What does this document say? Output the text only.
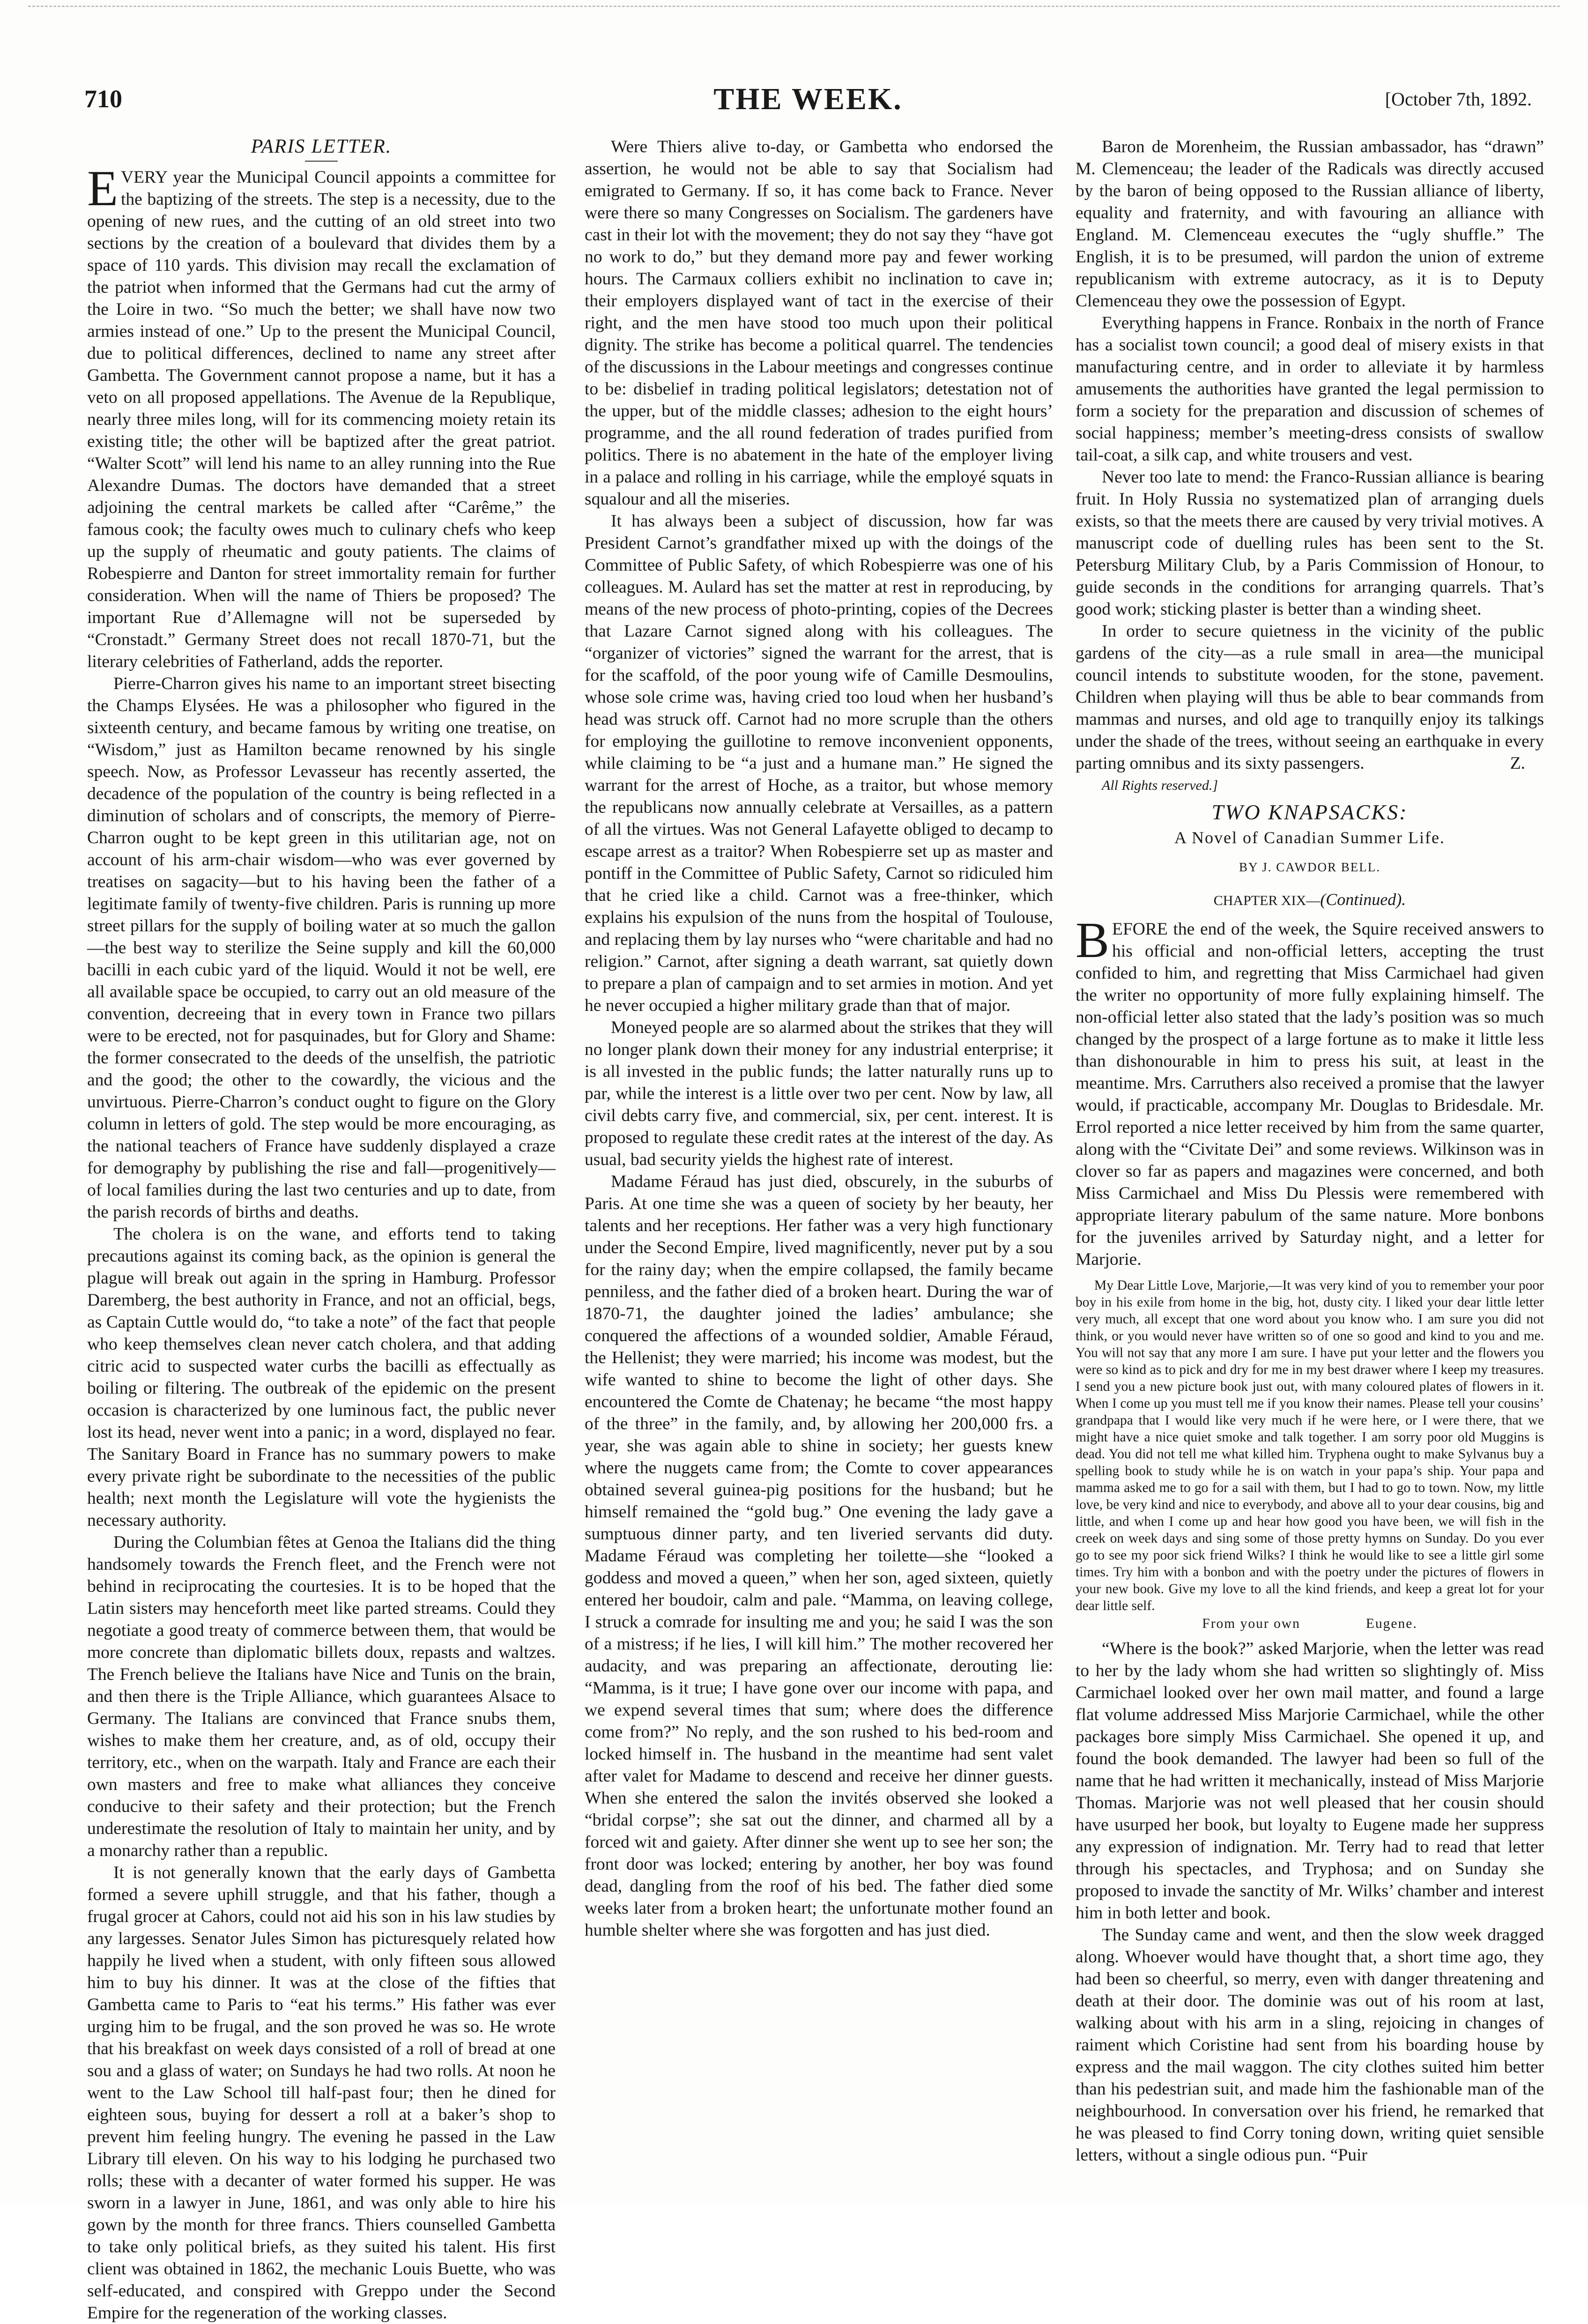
710	THE WEEK.	[October 7th, 1892.
PARIS LETTER.

EVERY year the Municipal Council appoints a committee for the baptizing of the streets. The step is a necessity, due to the opening of new rues, and the cutting of an old street into two sections by the creation of a boulevard that divides them by a space of 110 yards. This division may recall the exclamation of the patriot when informed that the Germans had cut the army of the Loire in two. “So much the better; we shall have now two armies instead of one.” Up to the present the Municipal Council, due to political differences, declined to name any street after Gambetta. The Government cannot propose a name, but it has a veto on all proposed appellations. The Avenue de la Republique, nearly three miles long, will for its commencing moiety retain its existing title; the other will be baptized after the great patriot. “Walter Scott” will lend his name to an alley running into the Rue Alexandre Dumas. The doctors have demanded that a street adjoining the central markets be called after “Carême,” the famous cook; the faculty owes much to culinary chefs who keep up the supply of rheumatic and gouty patients. The claims of Robespierre and Danton for street immortality remain for further consideration. When will the name of Thiers be proposed? The important Rue d’Allemagne will not be superseded by “Cronstadt.” Germany Street does not recall 1870-71, but the literary celebrities of Fatherland, adds the reporter.

Pierre-Charron gives his name to an important street bisecting the Champs Elysées. He was a philosopher who figured in the sixteenth century, and became famous by writing one treatise, on “Wisdom,” just as Hamilton became renowned by his single speech. Now, as Professor Levasseur has recently asserted, the decadence of the population of the country is being reflected in a diminution of scholars and of conscripts, the memory of Pierre-Charron ought to be kept green in this utilitarian age, not on account of his arm-chair wisdom—who was ever governed by treatises on sagacity—but to his having been the father of a legitimate family of twenty-five children. Paris is running up more street pillars for the supply of boiling water at so much the gallon—the best way to sterilize the Seine supply and kill the 60,000 bacilli in each cubic yard of the liquid. Would it not be well, ere all available space be occupied, to carry out an old measure of the convention, decreeing that in every town in France two pillars were to be erected, not for pasquinades, but for Glory and Shame: the former consecrated to the deeds of the unselfish, the patriotic and the good; the other to the cowardly, the vicious and the unvirtuous. Pierre-Charron’s conduct ought to figure on the Glory column in letters of gold. The step would be more encouraging, as the national teachers of France have suddenly displayed a craze for demography by publishing the rise and fall—progenitively—of local families during the last two centuries and up to date, from the parish records of births and deaths.

The cholera is on the wane, and efforts tend to taking precautions against its coming back, as the opinion is general the plague will break out again in the spring in Hamburg. Professor Daremberg, the best authority in France, and not an official, begs, as Captain Cuttle would do, “to take a note” of the fact that people who keep themselves clean never catch cholera, and that adding citric acid to suspected water curbs the bacilli as effectually as boiling or filtering. The outbreak of the epidemic on the present occasion is characterized by one luminous fact, the public never lost its head, never went into a panic; in a word, displayed no fear. The Sanitary Board in France has no summary powers to make every private right be subordinate to the necessities of the public health; next month the Legislature will vote the hygienists the necessary authority.

During the Columbian fêtes at Genoa the Italians did the thing handsomely towards the French fleet, and the French were not behind in reciprocating the courtesies. It is to be hoped that the Latin sisters may henceforth meet like parted streams. Could they negotiate a good treaty of commerce between them, that would be more concrete than diplomatic billets doux, repasts and waltzes. The French believe the Italians have Nice and Tunis on the brain, and then there is the Triple Alliance, which guarantees Alsace to Germany. The Italians are convinced that France snubs them, wishes to make them her creature, and, as of old, occupy their territory, etc., when on the warpath. Italy and France are each their own masters and free to make what alliances they conceive conducive to their safety and their protection; but the French underestimate the resolution of Italy to maintain her unity, and by a monarchy rather than a republic.

It is not generally known that the early days of Gambetta formed a severe uphill struggle, and that his father, though a frugal grocer at Cahors, could not aid his son in his law studies by any largesses. Senator Jules Simon has picturesquely related how happily he lived when a student, with only fifteen sous allowed him to buy his dinner. It was at the close of the fifties that Gambetta came to Paris to “eat his terms.” His father was ever urging him to be frugal, and the son proved he was so. He wrote that his breakfast on week days consisted of a roll of bread at one sou and a glass of water; on Sundays he had two rolls. At noon he went to the Law School till half-past four; then he dined for eighteen sous, buying for dessert a roll at a baker’s shop to prevent him feeling hungry. The evening he passed in the Law Library till eleven. On his way to his lodging he purchased two rolls; these with a decanter of water formed his supper. He was sworn in a lawyer in June, 1861, and was only able to hire his gown by the month for three francs. Thiers counselled Gambetta to take only political briefs, as they suited his talent. His first client was obtained in 1862, the mechanic Louis Buette, who was self-educated, and conspired with Greppo under the Second Empire for the regeneration of the working classes.

Were Thiers alive to-day, or Gambetta who endorsed the assertion, he would not be able to say that Socialism had emigrated to Germany. If so, it has come back to France. Never were there so many Congresses on Socialism. The gardeners have cast in their lot with the movement; they do not say they “have got no work to do,” but they demand more pay and fewer working hours. The Carmaux colliers exhibit no inclination to cave in; their employers displayed want of tact in the exercise of their right, and the men have stood too much upon their political dignity. The strike has become a political quarrel. The tendencies of the discussions in the Labour meetings and congresses continue to be: disbelief in trading political legislators; detestation not of the upper, but of the middle classes; adhesion to the eight hours’ programme, and the all round federation of trades purified from politics. There is no abatement in the hate of the employer living in a palace and rolling in his carriage, while the employé squats in squalour and all the miseries.

It has always been a subject of discussion, how far was President Carnot’s grandfather mixed up with the doings of the Committee of Public Safety, of which Robespierre was one of his colleagues. M. Aulard has set the matter at rest in reproducing, by means of the new process of photo-printing, copies of the Decrees that Lazare Carnot signed along with his colleagues. The “organizer of victories” signed the warrant for the arrest, that is for the scaffold, of the poor young wife of Camille Desmoulins, whose sole crime was, having cried too loud when her husband’s head was struck off. Carnot had no more scruple than the others for employing the guillotine to remove inconvenient opponents, while claiming to be “a just and a humane man.” He signed the warrant for the arrest of Hoche, as a traitor, but whose memory the republicans now annually celebrate at Versailles, as a pattern of all the virtues. Was not General Lafayette obliged to decamp to escape arrest as a traitor? When Robespierre set up as master and pontiff in the Committee of Public Safety, Carnot so ridiculed him that he cried like a child. Carnot was a free-thinker, which explains his expulsion of the nuns from the hospital of Toulouse, and replacing them by lay nurses who “were charitable and had no religion.” Carnot, after signing a death warrant, sat quietly down to prepare a plan of campaign and to set armies in motion. And yet he never occupied a higher military grade than that of major.

Moneyed people are so alarmed about the strikes that they will no longer plank down their money for any industrial enterprise; it is all invested in the public funds; the latter naturally runs up to par, while the interest is a little over two per cent. Now by law, all civil debts carry five, and commercial, six, per cent. interest. It is proposed to regulate these credit rates at the interest of the day. As usual, bad security yields the highest rate of interest.

Madame Féraud has just died, obscurely, in the suburbs of Paris. At one time she was a queen of society by her beauty, her talents and her receptions. Her father was a very high functionary under the Second Empire, lived magnificently, never put by a sou for the rainy day; when the empire collapsed, the family became penniless, and the father died of a broken heart. During the war of 1870-71, the daughter joined the ladies’ ambulance; she conquered the affections of a wounded soldier, Amable Féraud, the Hellenist; they were married; his income was modest, but the wife wanted to shine to become the light of other days. She encountered the Comte de Chatenay; he became “the most happy of the three” in the family, and, by allowing her 200,000 frs. a year, she was again able to shine in society; her guests knew where the nuggets came from; the Comte to cover appearances obtained several guinea-pig positions for the husband; but he himself remained the “gold bug.” One evening the lady gave a sumptuous dinner party, and ten liveried servants did duty. Madame Féraud was completing her toilette—she “looked a goddess and moved a queen,” when her son, aged sixteen, quietly entered her boudoir, calm and pale. “Mamma, on leaving college, I struck a comrade for insulting me and you; he said I was the son of a mistress; if he lies, I will kill him.” The mother recovered her audacity, and was preparing an affectionate, derouting lie: “Mamma, is it true; I have gone over our income with papa, and we expend several times that sum; where does the difference come from?” No reply, and the son rushed to his bed-room and locked himself in. The husband in the meantime had sent valet after valet for Madame to descend and receive her dinner guests. When she entered the salon the invités observed she looked a “bridal corpse”; she sat out the dinner, and charmed all by a forced wit and gaiety. After dinner she went up to see her son; the front door was locked; entering by another, her boy was found dead, dangling from the roof of his bed. The father died some weeks later from a broken heart; the unfortunate mother found an humble shelter where she was forgotten and has just died.

Baron de Morenheim, the Russian ambassador, has “drawn” M. Clemenceau; the leader of the Radicals was directly accused by the baron of being opposed to the Russian alliance of liberty, equality and fraternity, and with favouring an alliance with England. M. Clemenceau executes the “ugly shuffle.” The English, it is to be presumed, will pardon the union of extreme republicanism with extreme autocracy, as it is to Deputy Clemenceau they owe the possession of Egypt.

Everything happens in France. Ronbaix in the north of France has a socialist town council; a good deal of misery exists in that manufacturing centre, and in order to alleviate it by harmless amusements the authorities have granted the legal permission to form a society for the preparation and discussion of schemes of social happiness; member’s meeting-dress consists of swallow tail-coat, a silk cap, and white trousers and vest.

Never too late to mend: the Franco-Russian alliance is bearing fruit. In Holy Russia no systematized plan of arranging duels exists, so that the meets there are caused by very trivial motives. A manuscript code of duelling rules has been sent to the St. Petersburg Military Club, by a Paris Commission of Honour, to guide seconds in the conditions for arranging quarrels. That’s good work; sticking plaster is better than a winding sheet.

In order to secure quietness in the vicinity of the public gardens of the city—as a rule small in area—the municipal council intends to substitute wooden, for the stone, pavement. Children when playing will thus be able to bear commands from mammas and nurses, and old age to tranquilly enjoy its talkings under the shade of the trees, without seeing an earthquake in every parting omnibus and its sixty passengers.	Z.

All Rights reserved.]

TWO KNAPSACKS:
A Novel of Canadian Summer Life.
BY J. CAWDOR BELL.
CHAPTER XIX—(Continued).

BEFORE the end of the week, the Squire received answers to his official and non-official letters, accepting the trust confided to him, and regretting that Miss Carmichael had given the writer no opportunity of more fully explaining himself. The non-official letter also stated that the lady’s position was so much changed by the prospect of a large fortune as to make it little less than dishonourable in him to press his suit, at least in the meantime. Mrs. Carruthers also received a promise that the lawyer would, if practicable, accompany Mr. Douglas to Bridesdale. Mr. Errol reported a nice letter received by him from the same quarter, along with the “Civitate Dei” and some reviews. Wilkinson was in clover so far as papers and magazines were concerned, and both Miss Carmichael and Miss Du Plessis were remembered with appropriate literary pabulum of the same nature. More bonbons for the juveniles arrived by Saturday night, and a letter for Marjorie.

My Dear Little Love, Marjorie,—It was very kind of you to remember your poor boy in his exile from home in the big, hot, dusty city. I liked your dear little letter very much, all except that one word about you know who. I am sure you did not think, or you would never have written so of one so good and kind to you and me. You will not say that any more I am sure. I have put your letter and the flowers you were so kind as to pick and dry for me in my best drawer where I keep my treasures. I send you a new picture book just out, with many coloured plates of flowers in it. When I come up you must tell me if you know their names. Please tell your cousins’ grandpapa that I would like very much if he were here, or I were there, that we might have a nice quiet smoke and talk together. I am sorry poor old Muggins is dead. You did not tell me what killed him. Tryphena ought to make Sylvanus buy a spelling book to study while he is on watch in your papa’s ship. Your papa and mamma asked me to go for a sail with them, but I had to go to town. Now, my little love, be very kind and nice to everybody, and above all to your dear cousins, big and little, and when I come up and hear how good you have been, we will fish in the creek on week days and sing some of those pretty hymns on Sunday. Do you ever go to see my poor sick friend Wilks? I think he would like to see a little girl some times. Try him with a bonbon and with the poetry under the pictures of flowers in your new book. Give my love to all the kind friends, and keep a great lot for your dear little self.

From your own	Eugene.

“Where is the book?” asked Marjorie, when the letter was read to her by the lady whom she had written so slightingly of. Miss Carmichael looked over her own mail matter, and found a large flat volume addressed Miss Marjorie Carmichael, while the other packages bore simply Miss Carmichael. She opened it up, and found the book demanded. The lawyer had been so full of the name that he had written it mechanically, instead of Miss Marjorie Thomas. Marjorie was not well pleased that her cousin should have usurped her book, but loyalty to Eugene made her suppress any expression of indignation. Mr. Terry had to read that letter through his spectacles, and Tryphosa; and on Sunday she proposed to invade the sanctity of Mr. Wilks’ chamber and interest him in both letter and book.

The Sunday came and went, and then the slow week dragged along. Whoever would have thought that, a short time ago, they had been so cheerful, so merry, even with danger threatening and death at their door. The dominie was out of his room at last, walking about with his arm in a sling, rejoicing in changes of raiment which Coristine had sent from his boarding house by express and the mail waggon. The city clothes suited him better than his pedestrian suit, and made him the fashionable man of the neighbourhood. In conversation over his friend, he remarked that he was pleased to find Corry toning down, writing quiet sensible letters, without a single odious pun. “Puir
